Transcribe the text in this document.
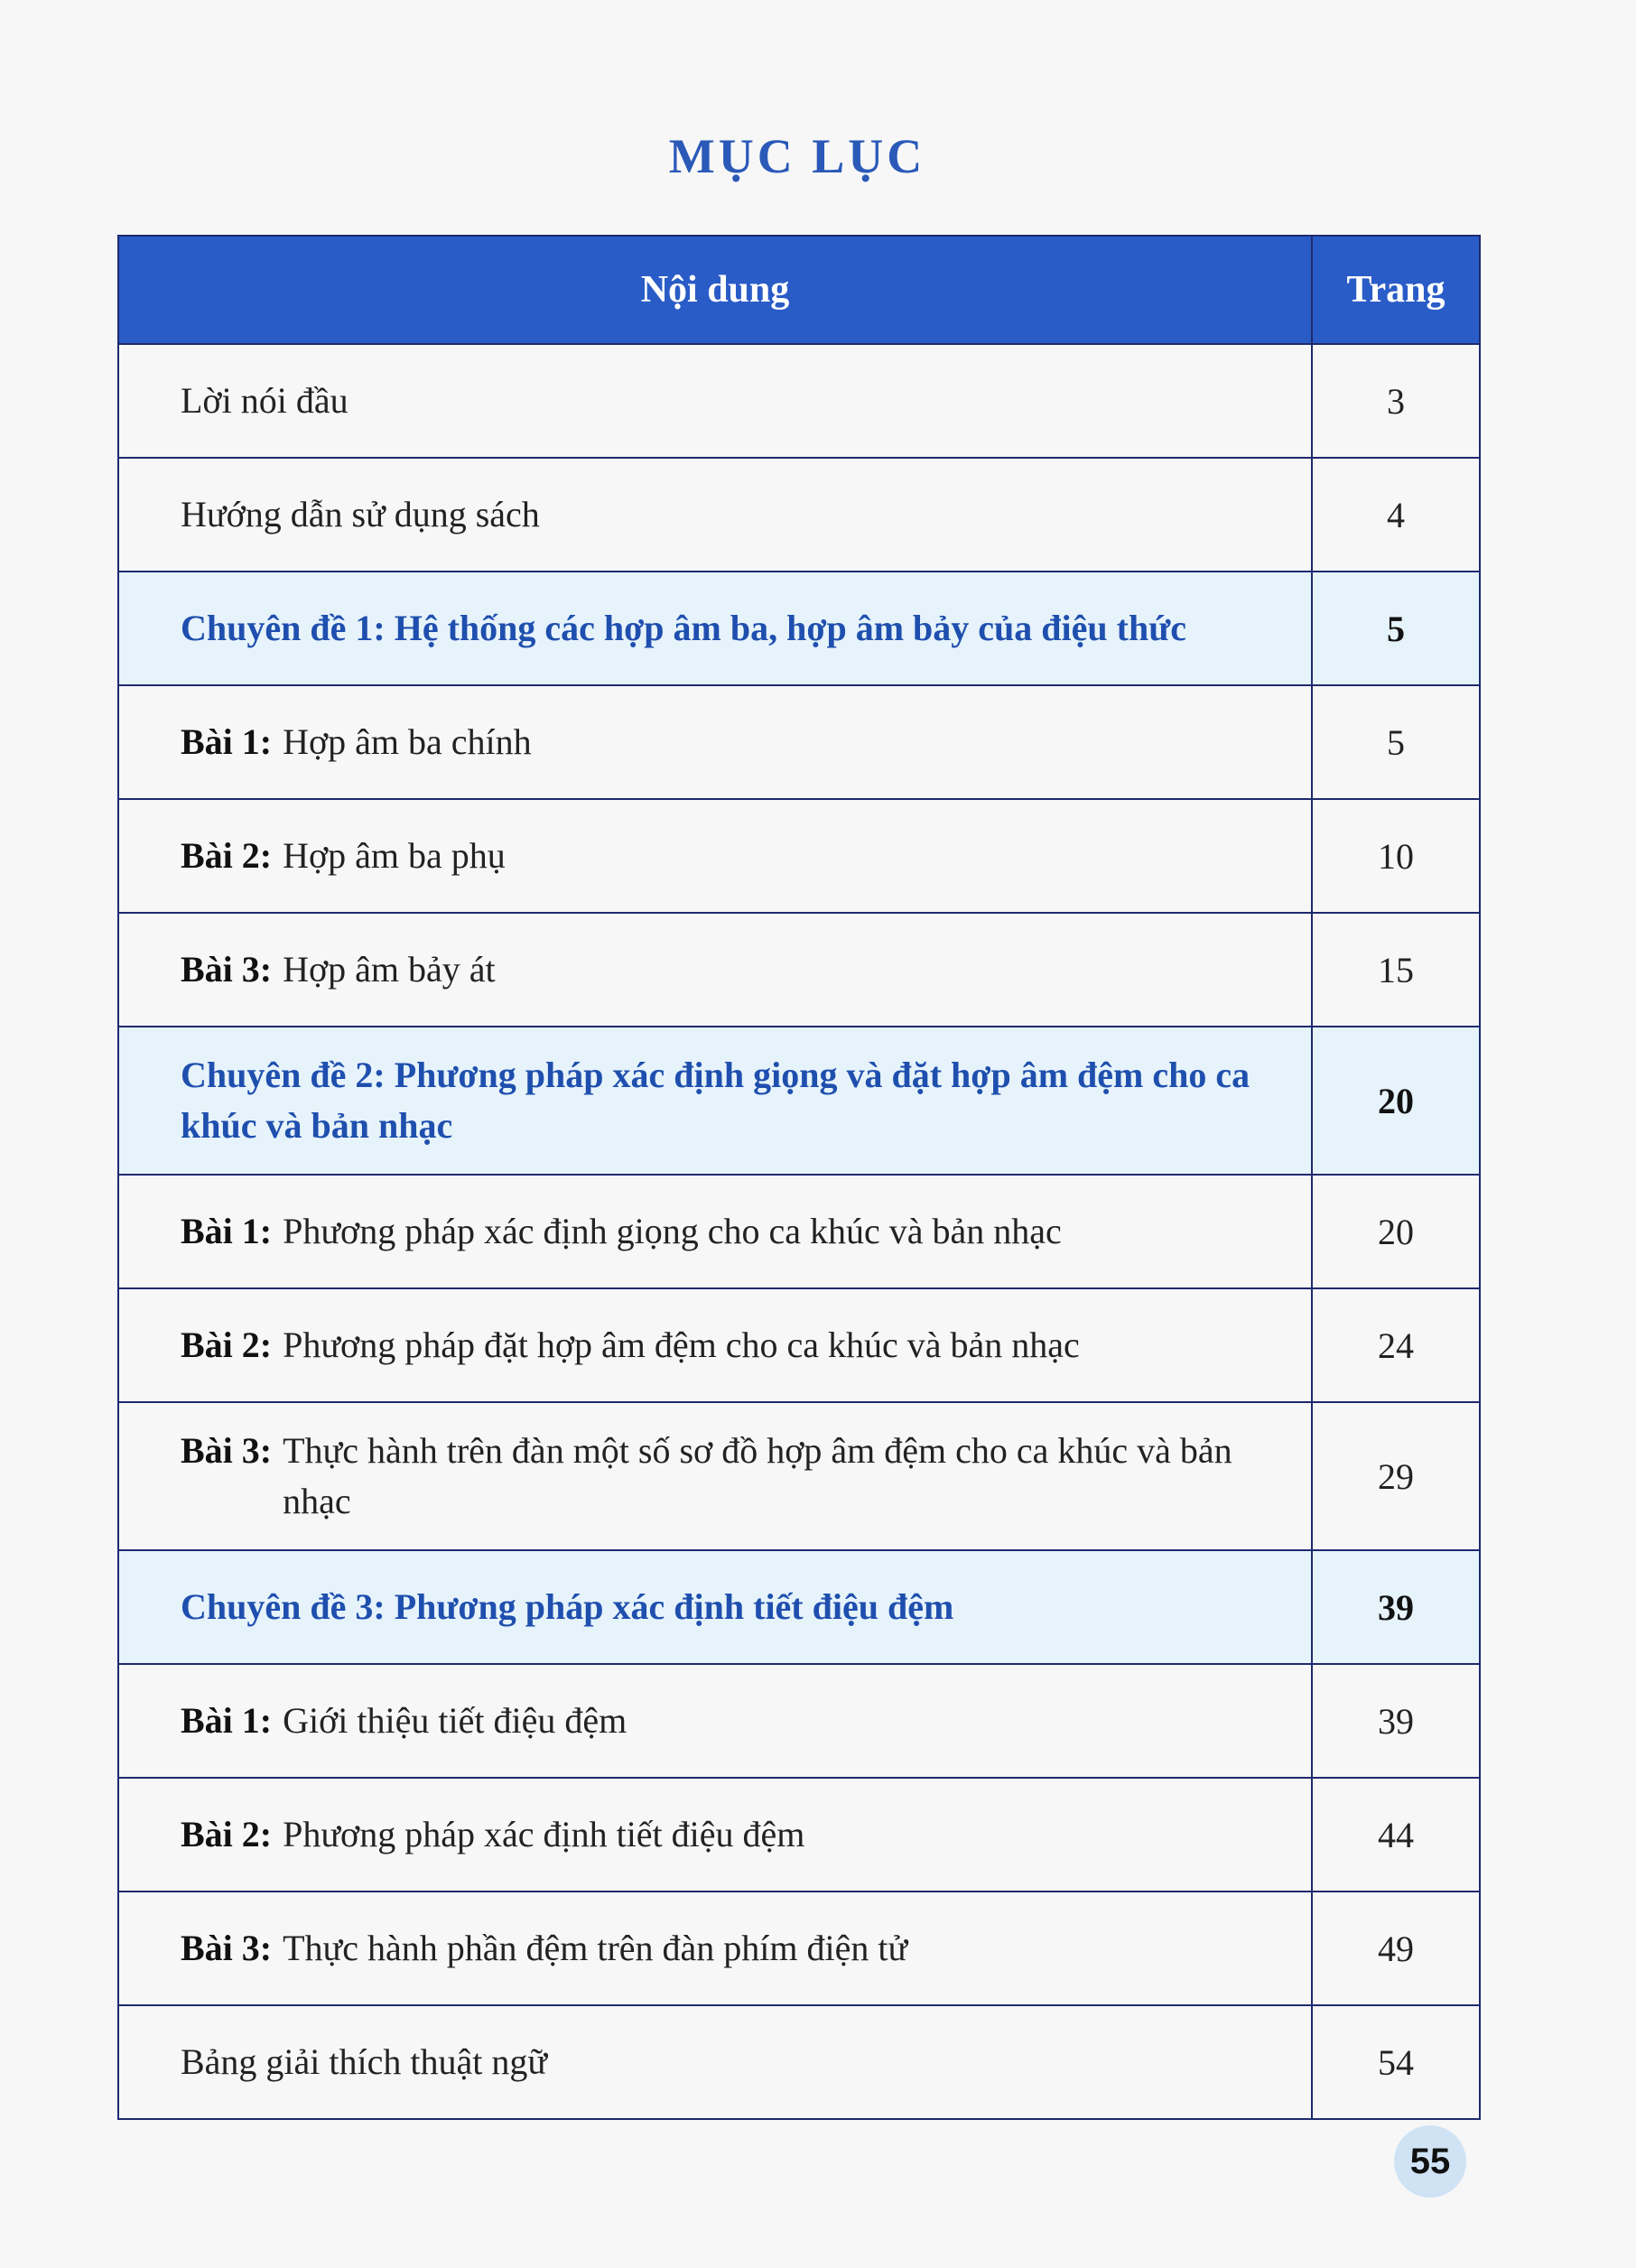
MỤC LỤC
Nội dung	Trang
Lời nói đầu	3
Hướng dẫn sử dụng sách	4
Chuyên đề 1: Hệ thống các hợp âm ba, hợp âm bảy của điệu thức	5

Bài 1: Hợp âm ba chính	5

Bài 2: Hợp âm ba phụ	10

Bài 3: Hợp âm bảy át	15
Chuyên đề 2: Phương pháp xác định giọng và đặt hợp âm đệm cho ca khúc và bản nhạc	20

Bài 1: Phương pháp xác định giọng cho ca khúc và bản nhạc	20

Bài 2: Phương pháp đặt hợp âm đệm cho ca khúc và bản nhạc	24

Bài 3: Thực hành trên đàn một số sơ đồ hợp âm đệm cho ca khúc và bản nhạc	29
Chuyên đề 3: Phương pháp xác định tiết điệu đệm	39

Bài 1: Giới thiệu tiết điệu đệm	39

Bài 2: Phương pháp xác định tiết điệu đệm	44

Bài 3: Thực hành phần đệm trên đàn phím điện tử	49
Bảng giải thích thuật ngữ	54
55
